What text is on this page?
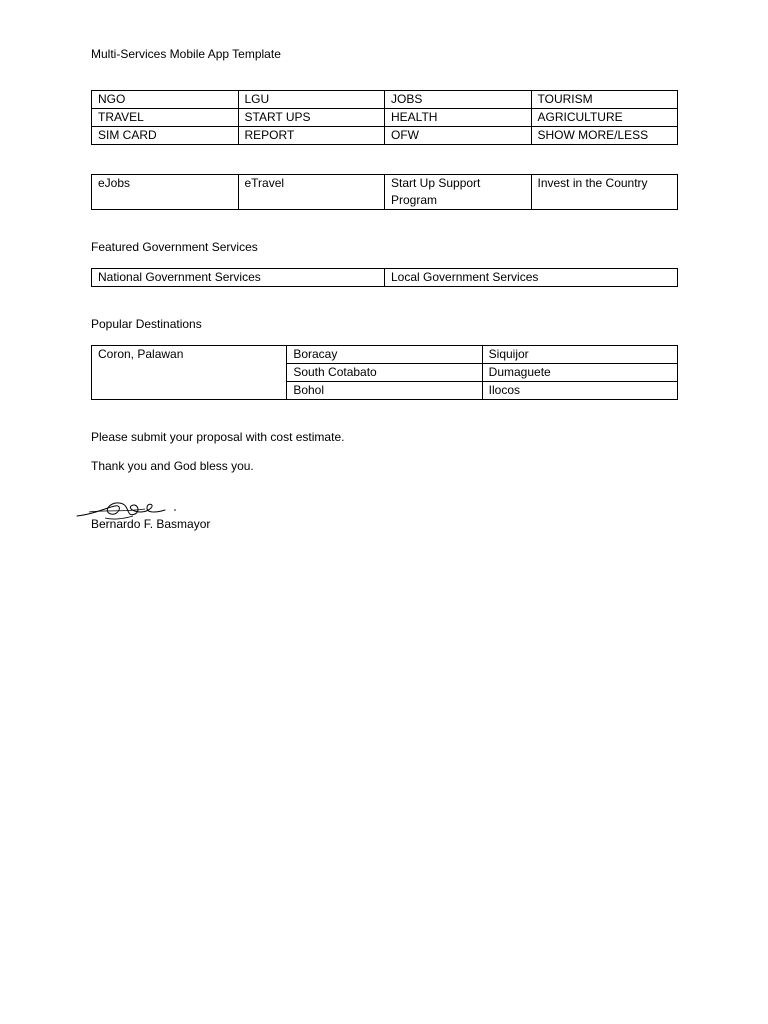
Multi-Services Mobile App Template
NGO	LGU	JOBS	TOURISM
TRAVEL	START UPS	HEALTH	AGRICULTURE
SIM CARD	REPORT	OFW	SHOW MORE/LESS
eJobs	eTravel	Start Up Support Program	Invest in the Country
Featured Government Services
National Government Services	Local Government Services
Popular Destinations
Coron, Palawan	Boracay	Siquijor
	South Cotabato	Dumaguete
	Bohol	Ilocos
Please submit your proposal with cost estimate.
Thank you and God bless you.
Bernardo F. Basmayor
